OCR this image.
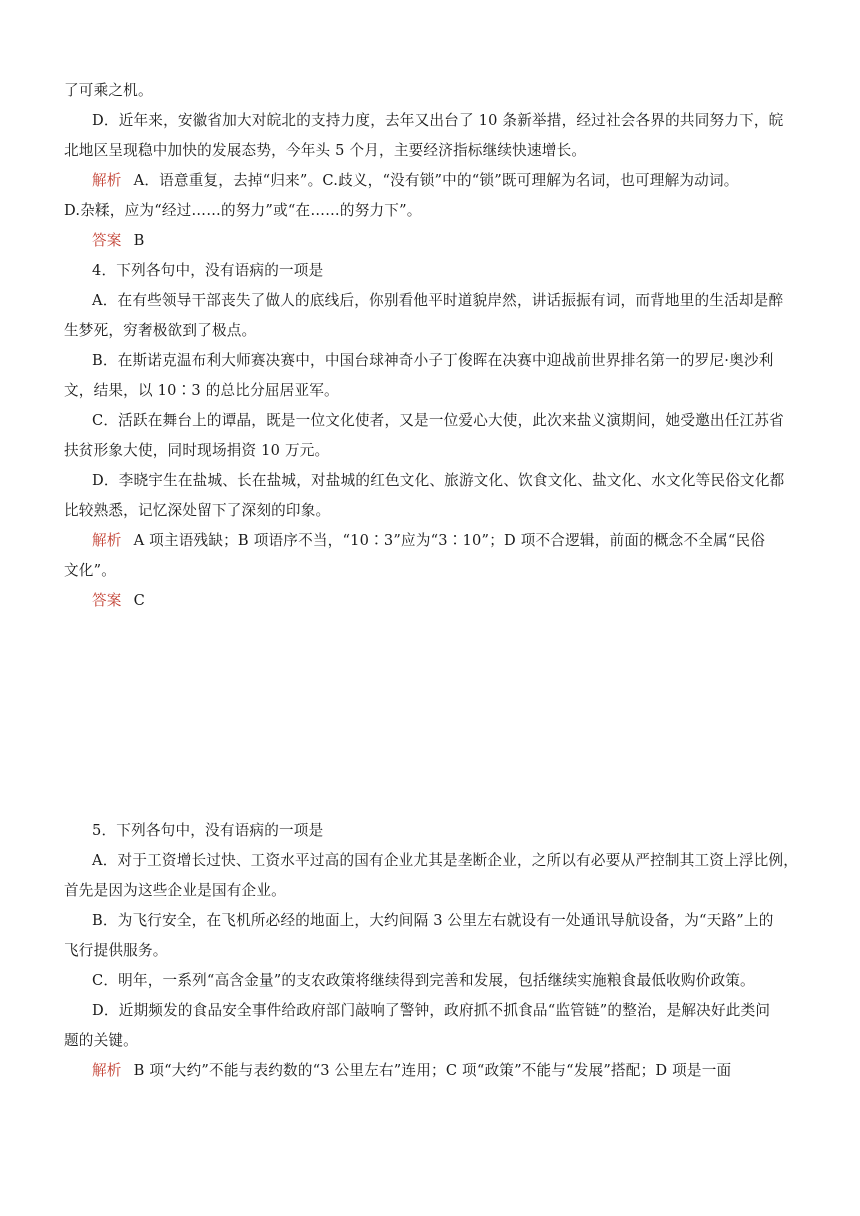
了可乘之机。
D．近年来，安徽省加大对皖北的支持力度，去年又出台了 10 条新举措，经过社会各界的共同努力下，皖
北地区呈现稳中加快的发展态势，今年头 5 个月，主要经济指标继续快速增长。
解析 A．语意重复，去掉“归来”。C.歧义，“没有锁”中的“锁”既可理解为名词，也可理解为动词。
D.杂糅，应为“经过……的努力”或“在……的努力下”。
答案 B
4．下列各句中，没有语病的一项是
A．在有些领导干部丧失了做人的底线后，你别看他平时道貌岸然，讲话振振有词，而背地里的生活却是醉
生梦死，穷奢极欲到了极点。
B．在斯诺克温布利大师赛决赛中，中国台球神奇小子丁俊晖在决赛中迎战前世界排名第一的罗尼·奥沙利
文，结果，以 10∶3 的总比分屈居亚军。
C．活跃在舞台上的谭晶，既是一位文化使者，又是一位爱心大使，此次来盐义演期间，她受邀出任江苏省
扶贫形象大使，同时现场捐资 10 万元。
D．李晓宇生在盐城、长在盐城，对盐城的红色文化、旅游文化、饮食文化、盐文化、水文化等民俗文化都
比较熟悉，记忆深处留下了深刻的印象。
解析 A 项主语残缺；B 项语序不当，“10∶3”应为“3∶10”；D 项不合逻辑，前面的概念不全属“民俗
文化”。
答案 C
5．下列各句中，没有语病的一项是
A．对于工资增长过快、工资水平过高的国有企业尤其是垄断企业，之所以有必要从严控制其工资上浮比例，
首先是因为这些企业是国有企业。
B．为飞行安全，在飞机所必经的地面上，大约间隔 3 公里左右就设有一处通讯导航设备，为“天路”上的
飞行提供服务。
C．明年，一系列“高含金量”的支农政策将继续得到完善和发展，包括继续实施粮食最低收购价政策。
D．近期频发的食品安全事件给政府部门敲响了警钟，政府抓不抓食品“监管链”的整治，是解决好此类问
题的关键。
解析 B 项“大约”不能与表约数的“3 公里左右”连用；C 项“政策”不能与“发展”搭配；D 项是一面
